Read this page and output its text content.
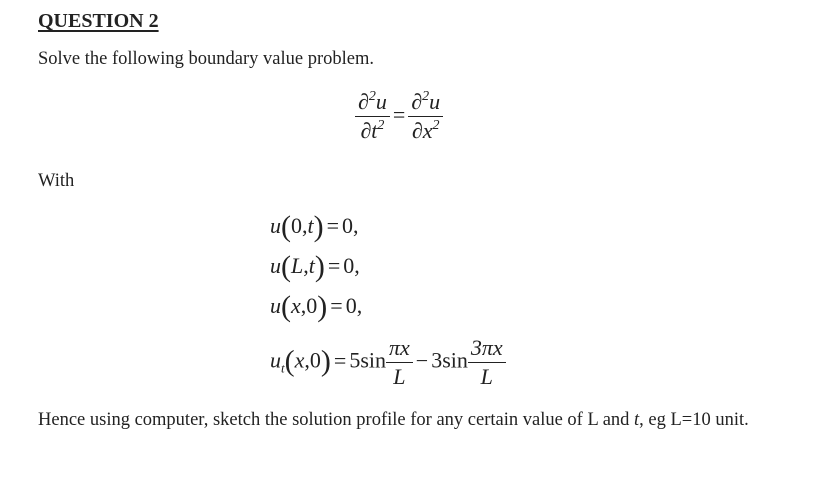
QUESTION 2
Solve the following boundary value problem.
$\frac{\partial^2u}{\partial t^2} = \frac{\partial^2u}{\partial x^2}$
With
u(0,t) = 0,
u(L,t) = 0,
u(x,0) = 0,
$u_t(x,0) = 5\sin \frac{\pi x}{L} - 3\sin \frac{3\pi x}{L}$
Hence using computer, sketch the solution profile for any certain value of L and t, eg L=10 unit.
